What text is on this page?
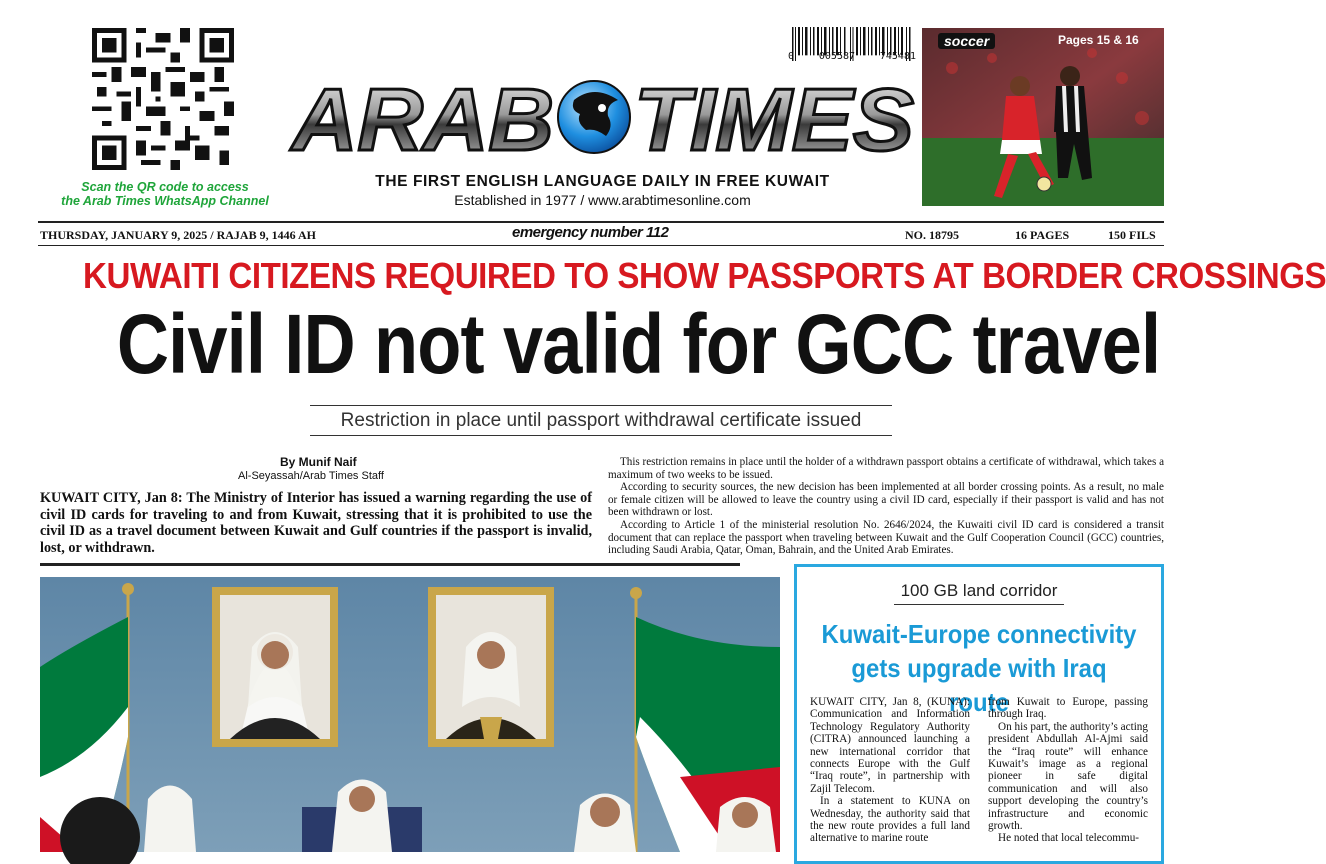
Scan the QR code to access
the Arab Times WhatsApp Channel
0 005587 745481
ARAB TIMES
THE FIRST ENGLISH LANGUAGE DAILY IN FREE KUWAIT
Established in 1977 / www.arabtimesonline.com
soccer	Pages 15 & 16
THURSDAY, JANUARY 9, 2025 / RAJAB 9, 1446 AH	emergency number 112	NO. 18795	16 PAGES	150 FILS
KUWAITI CITIZENS REQUIRED TO SHOW PASSPORTS AT BORDER CROSSINGS
Civil ID not valid for GCC travel
Restriction in place until passport withdrawal certificate issued
By Munif Naif
Al-Seyassah/Arab Times Staff
KUWAIT CITY, Jan 8: The Ministry of Interior has issued a warning regarding the use of civil ID cards for traveling to and from Kuwait, stressing that it is prohibited to use the civil ID as a travel document between Kuwait and Gulf countries if the passport is invalid, lost, or withdrawn.

This restriction remains in place until the holder of a withdrawn passport obtains a certificate of withdrawal, which takes a maximum of two weeks to be issued.

According to security sources, the new decision has been implemented at all border crossing points. As a result, no male or female citizen will be allowed to leave the country using a civil ID card, especially if their passport is valid and has not been withdrawn or lost.

According to Article 1 of the ministerial resolution No. 2646/2024, the Kuwaiti civil ID card is considered a transit document that can replace the passport when traveling between Kuwait and the Gulf Cooperation Council (GCC) countries, including Saudi Arabia, Qatar, Oman, Bahrain, and the United Arab Emirates.

100 GB land corridor
Kuwait-Europe connectivity
gets upgrade with Iraq route

KUWAIT CITY, Jan 8, (KUNA): Communication and Information Technology Regulatory Authority (CITRA) announced launching a new international corridor that connects Europe with the Gulf “Iraq route”, in partnership with Zajil Telecom.

In a statement to KUNA on Wednesday, the authority said that the new route provides a full land alternative to marine route

from Kuwait to Europe, passing through Iraq.

On his part, the authority’s acting president Abdullah Al-Ajmi said the “Iraq route” will enhance Kuwait’s image as a regional pioneer in safe digital communication and will also support developing the country’s infrastructure and economic growth.

He noted that local telecommu-
